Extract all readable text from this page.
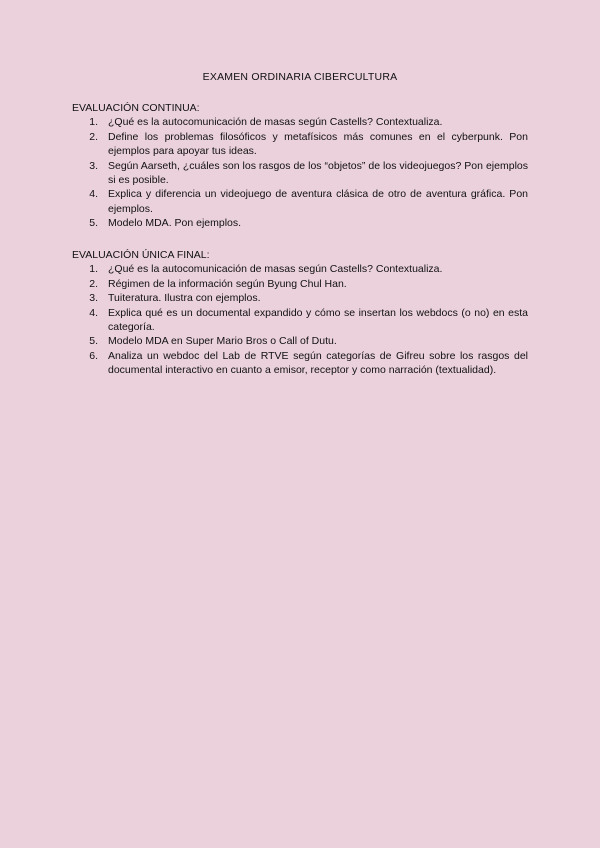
EXAMEN ORDINARIA CIBERCULTURA
EVALUACIÓN CONTINUA:
1. ¿Qué es la autocomunicación de masas según Castells? Contextualiza.
2. Define los problemas filosóficos y metafísicos más comunes en el cyberpunk. Pon ejemplos para apoyar tus ideas.
3. Según Aarseth, ¿cuáles son los rasgos de los “objetos” de los videojuegos? Pon ejemplos si es posible.
4. Explica y diferencia un videojuego de aventura clásica de otro de aventura gráfica. Pon ejemplos.
5. Modelo MDA. Pon ejemplos.
EVALUACIÓN ÚNICA FINAL:
1. ¿Qué es la autocomunicación de masas según Castells? Contextualiza.
2. Régimen de la información según Byung Chul Han.
3. Tuiteratura. Ilustra con ejemplos.
4. Explica qué es un documental expandido y cómo se insertan los webdocs (o no) en esta categoría.
5. Modelo MDA en Super Mario Bros o Call of Dutu.
6. Analiza un webdoc del Lab de RTVE según categorías de Gifreu sobre los rasgos del documental interactivo en cuanto a emisor, receptor y como narración (textualidad).
